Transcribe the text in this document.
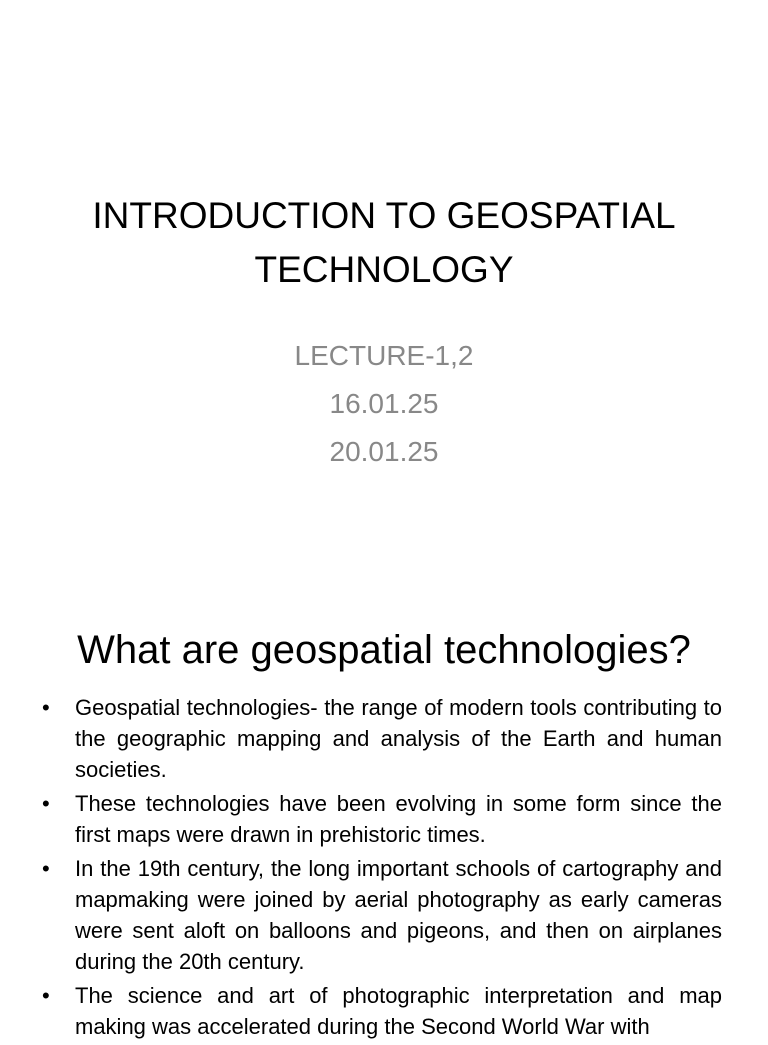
INTRODUCTION TO GEOSPATIAL TECHNOLOGY
LECTURE-1,2
16.01.25
20.01.25
What are geospatial technologies?
• Geospatial technologies- the range of modern tools contributing to the geographic mapping and analysis of the Earth and human societies.
• These technologies have been evolving in some form since the first maps were drawn in prehistoric times.
• In the 19th century, the long important schools of cartography and mapmaking were joined by aerial photography as early cameras were sent aloft on balloons and pigeons, and then on airplanes during the 20th century.
• The science and art of photographic interpretation and map making was accelerated during the Second World War with
